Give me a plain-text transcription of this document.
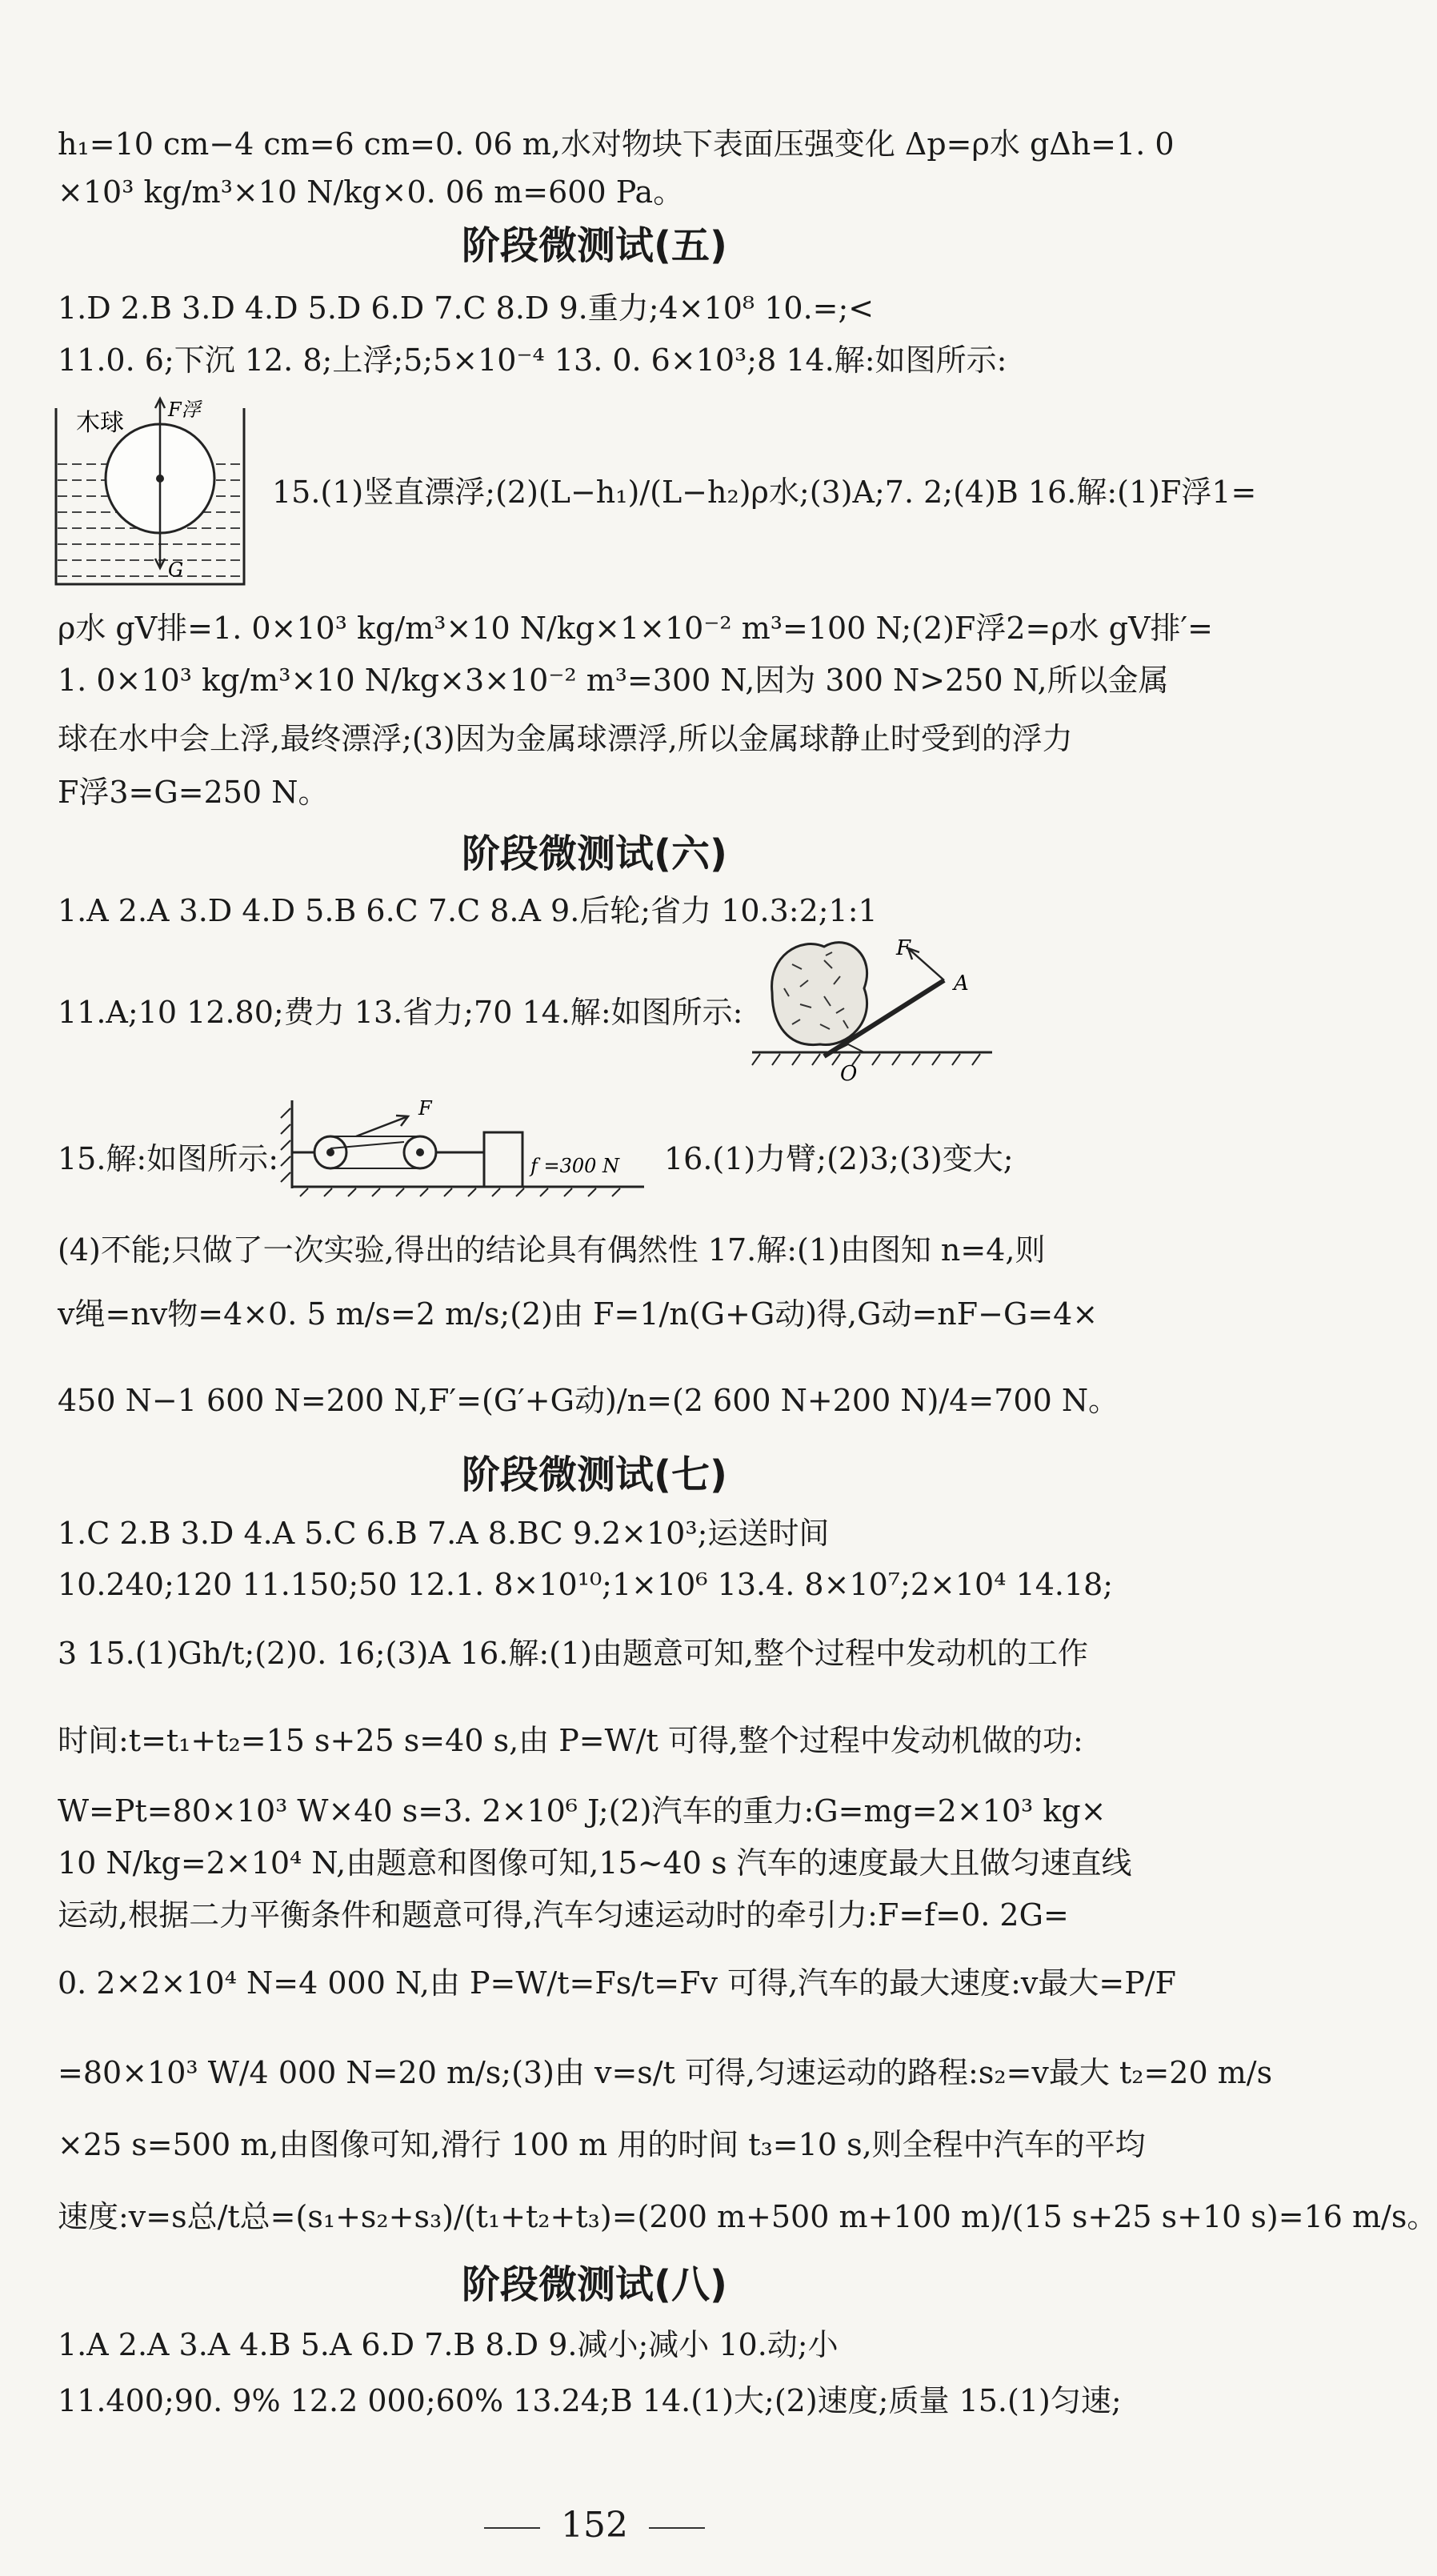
h₁=10 cm−4 cm=6 cm=0. 06 m,水对物块下表面压强变化 Δp=ρ水 gΔh=1. 0
×10³ kg/m³×10 N/kg×0. 06 m=600 Pa。
阶段微测试(五)
1.D 2.B 3.D 4.D 5.D 6.D 7.C 8.D 9.重力;4×10⁸ 10.=;<
11.0. 6;下沉 12. 8;上浮;5;5×10⁻⁴ 13. 0. 6×10³;8 14.解:如图所示:
木球 F浮
G
15.(1)竖直漂浮;(2)(L−h₁)/(L−h₂)ρ水;(3)A;7. 2;(4)B 16.解:(1)F浮1=
ρ水 gV排=1. 0×10³ kg/m³×10 N/kg×1×10⁻² m³=100 N;(2)F浮2=ρ水 gV排′=
1. 0×10³ kg/m³×10 N/kg×3×10⁻² m³=300 N,因为 300 N>250 N,所以金属
球在水中会上浮,最终漂浮;(3)因为金属球漂浮,所以金属球静止时受到的浮力
F浮3=G=250 N。
阶段微测试(六)
1.A 2.A 3.D 4.D 5.B 6.C 7.C 8.A 9.后轮;省力 10.3:2;1:1
11.A;10 12.80;费力 13.省力;70 14.解:如图所示:
F
A
O
F
f =300 N
15.解:如图所示:	16.(1)力臂;(2)3;(3)变大;
(4)不能;只做了一次实验,得出的结论具有偶然性 17.解:(1)由图知 n=4,则
v绳=nv物=4×0. 5 m/s=2 m/s;(2)由 F=1/n(G+G动)得,G动=nF−G=4×
450 N−1 600 N=200 N,F′=(G′+G动)/n=(2 600 N+200 N)/4=700 N。
阶段微测试(七)
1.C 2.B 3.D 4.A 5.C 6.B 7.A 8.BC 9.2×10³;运送时间
10.240;120 11.150;50 12.1. 8×10¹⁰;1×10⁶ 13.4. 8×10⁷;2×10⁴ 14.18;
3 15.(1)Gh/t;(2)0. 16;(3)A 16.解:(1)由题意可知,整个过程中发动机的工作
时间:t=t₁+t₂=15 s+25 s=40 s,由 P=W/t 可得,整个过程中发动机做的功:
W=Pt=80×10³ W×40 s=3. 2×10⁶ J;(2)汽车的重力:G=mg=2×10³ kg×
10 N/kg=2×10⁴ N,由题意和图像可知,15~40 s 汽车的速度最大且做匀速直线
运动,根据二力平衡条件和题意可得,汽车匀速运动时的牵引力:F=f=0. 2G=
0. 2×2×10⁴ N=4 000 N,由 P=W/t=Fs/t=Fv 可得,汽车的最大速度:v最大=P/F
=80×10³ W/4 000 N=20 m/s;(3)由 v=s/t 可得,匀速运动的路程:s₂=v最大 t₂=20 m/s
×25 s=500 m,由图像可知,滑行 100 m 用的时间 t₃=10 s,则全程中汽车的平均
速度:v=s总/t总=(s₁+s₂+s₃)/(t₁+t₂+t₃)=(200 m+500 m+100 m)/(15 s+25 s+10 s)=16 m/s。
阶段微测试(八)
1.A 2.A 3.A 4.B 5.A 6.D 7.B 8.D 9.减小;减小 10.动;小
11.400;90. 9% 12.2 000;60% 13.24;B 14.(1)大;(2)速度;质量 15.(1)匀速;
152
